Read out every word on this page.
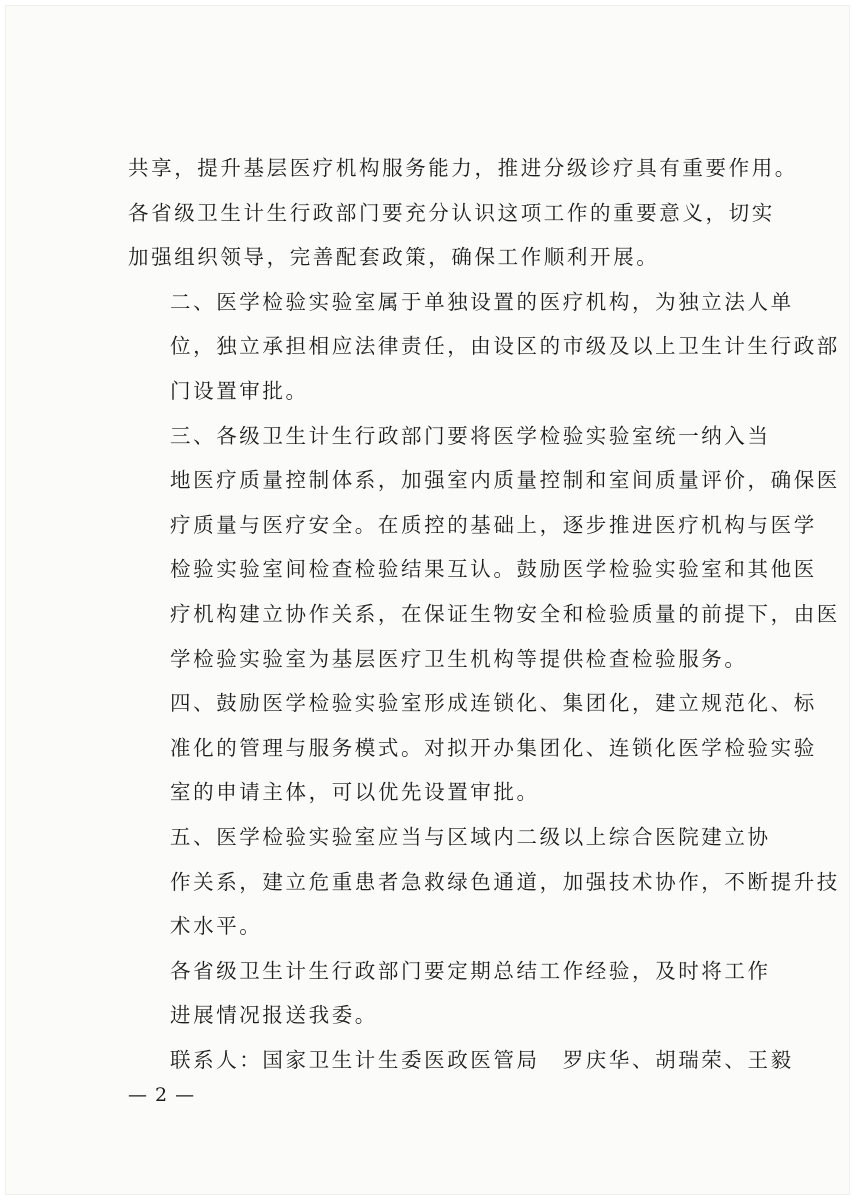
共享，提升基层医疗机构服务能力，推进分级诊疗具有重要作用。
各省级卫生计生行政部门要充分认识这项工作的重要意义，切实
加强组织领导，完善配套政策，确保工作顺利开展。

二、医学检验实验室属于单独设置的医疗机构，为独立法人单
位，独立承担相应法律责任，由设区的市级及以上卫生计生行政部
门设置审批。

三、各级卫生计生行政部门要将医学检验实验室统一纳入当
地医疗质量控制体系，加强室内质量控制和室间质量评价，确保医
疗质量与医疗安全。在质控的基础上，逐步推进医疗机构与医学
检验实验室间检查检验结果互认。鼓励医学检验实验室和其他医
疗机构建立协作关系，在保证生物安全和检验质量的前提下，由医
学检验实验室为基层医疗卫生机构等提供检查检验服务。

四、鼓励医学检验实验室形成连锁化、集团化，建立规范化、标
准化的管理与服务模式。对拟开办集团化、连锁化医学检验实验
室的申请主体，可以优先设置审批。

五、医学检验实验室应当与区域内二级以上综合医院建立协
作关系，建立危重患者急救绿色通道，加强技术协作，不断提升技
术水平。

各省级卫生计生行政部门要定期总结工作经验，及时将工作
进展情况报送我委。

联系人：国家卫生计生委医政医管局　罗庆华、胡瑞荣、王毅

— 2 —
